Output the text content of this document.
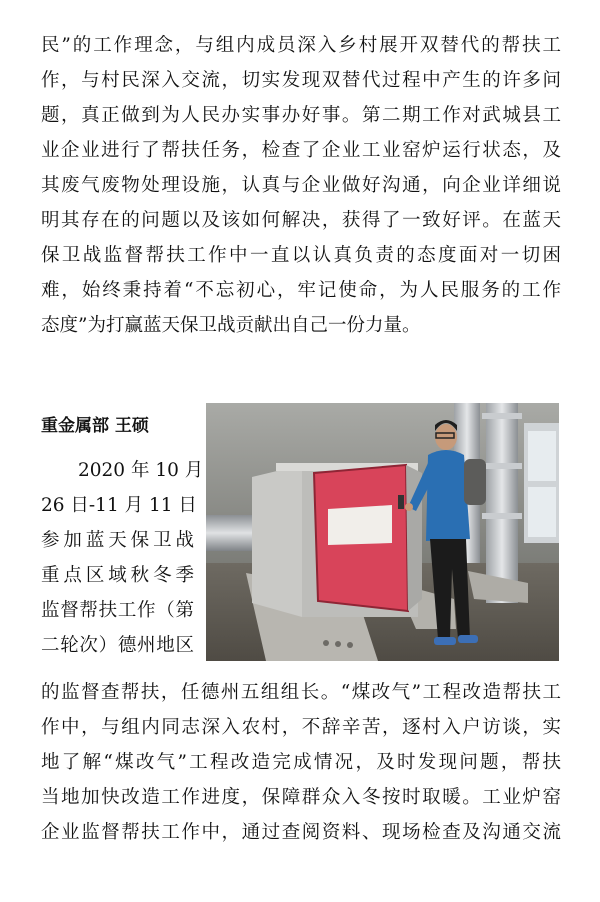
民”的工作理念，与组内成员深入乡村展开双替代的帮扶工
作，与村民深入交流，切实发现双替代过程中产生的许多问
题，真正做到为人民办实事办好事。第二期工作对武城县工
业企业进行了帮扶任务，检查了企业工业窑炉运行状态，及
其废气废物处理设施，认真与企业做好沟通，向企业详细说
明其存在的问题以及该如何解决，获得了一致好评。在蓝天
保卫战监督帮扶工作中一直以认真负责的态度面对一切困
难，始终秉持着“不忘初心，牢记使命，为人民服务的工作
态度”为打赢蓝天保卫战贡献出自己一份力量。
重金属部 王硕
2020 年 10 月
26 日-11 月 11 日
参加蓝天保卫战
重点区域秋冬季
监督帮扶工作（第
二轮次）德州地区
的监督查帮扶，任德州五组组长。“煤改气”工程改造帮扶工
作中，与组内同志深入农村，不辞辛苦，逐村入户访谈，实
地了解“煤改气”工程改造完成情况，及时发现问题，帮扶
当地加快改造工作进度，保障群众入冬按时取暖。工业炉窑
企业监督帮扶工作中，通过查阅资料、现场检查及沟通交流
